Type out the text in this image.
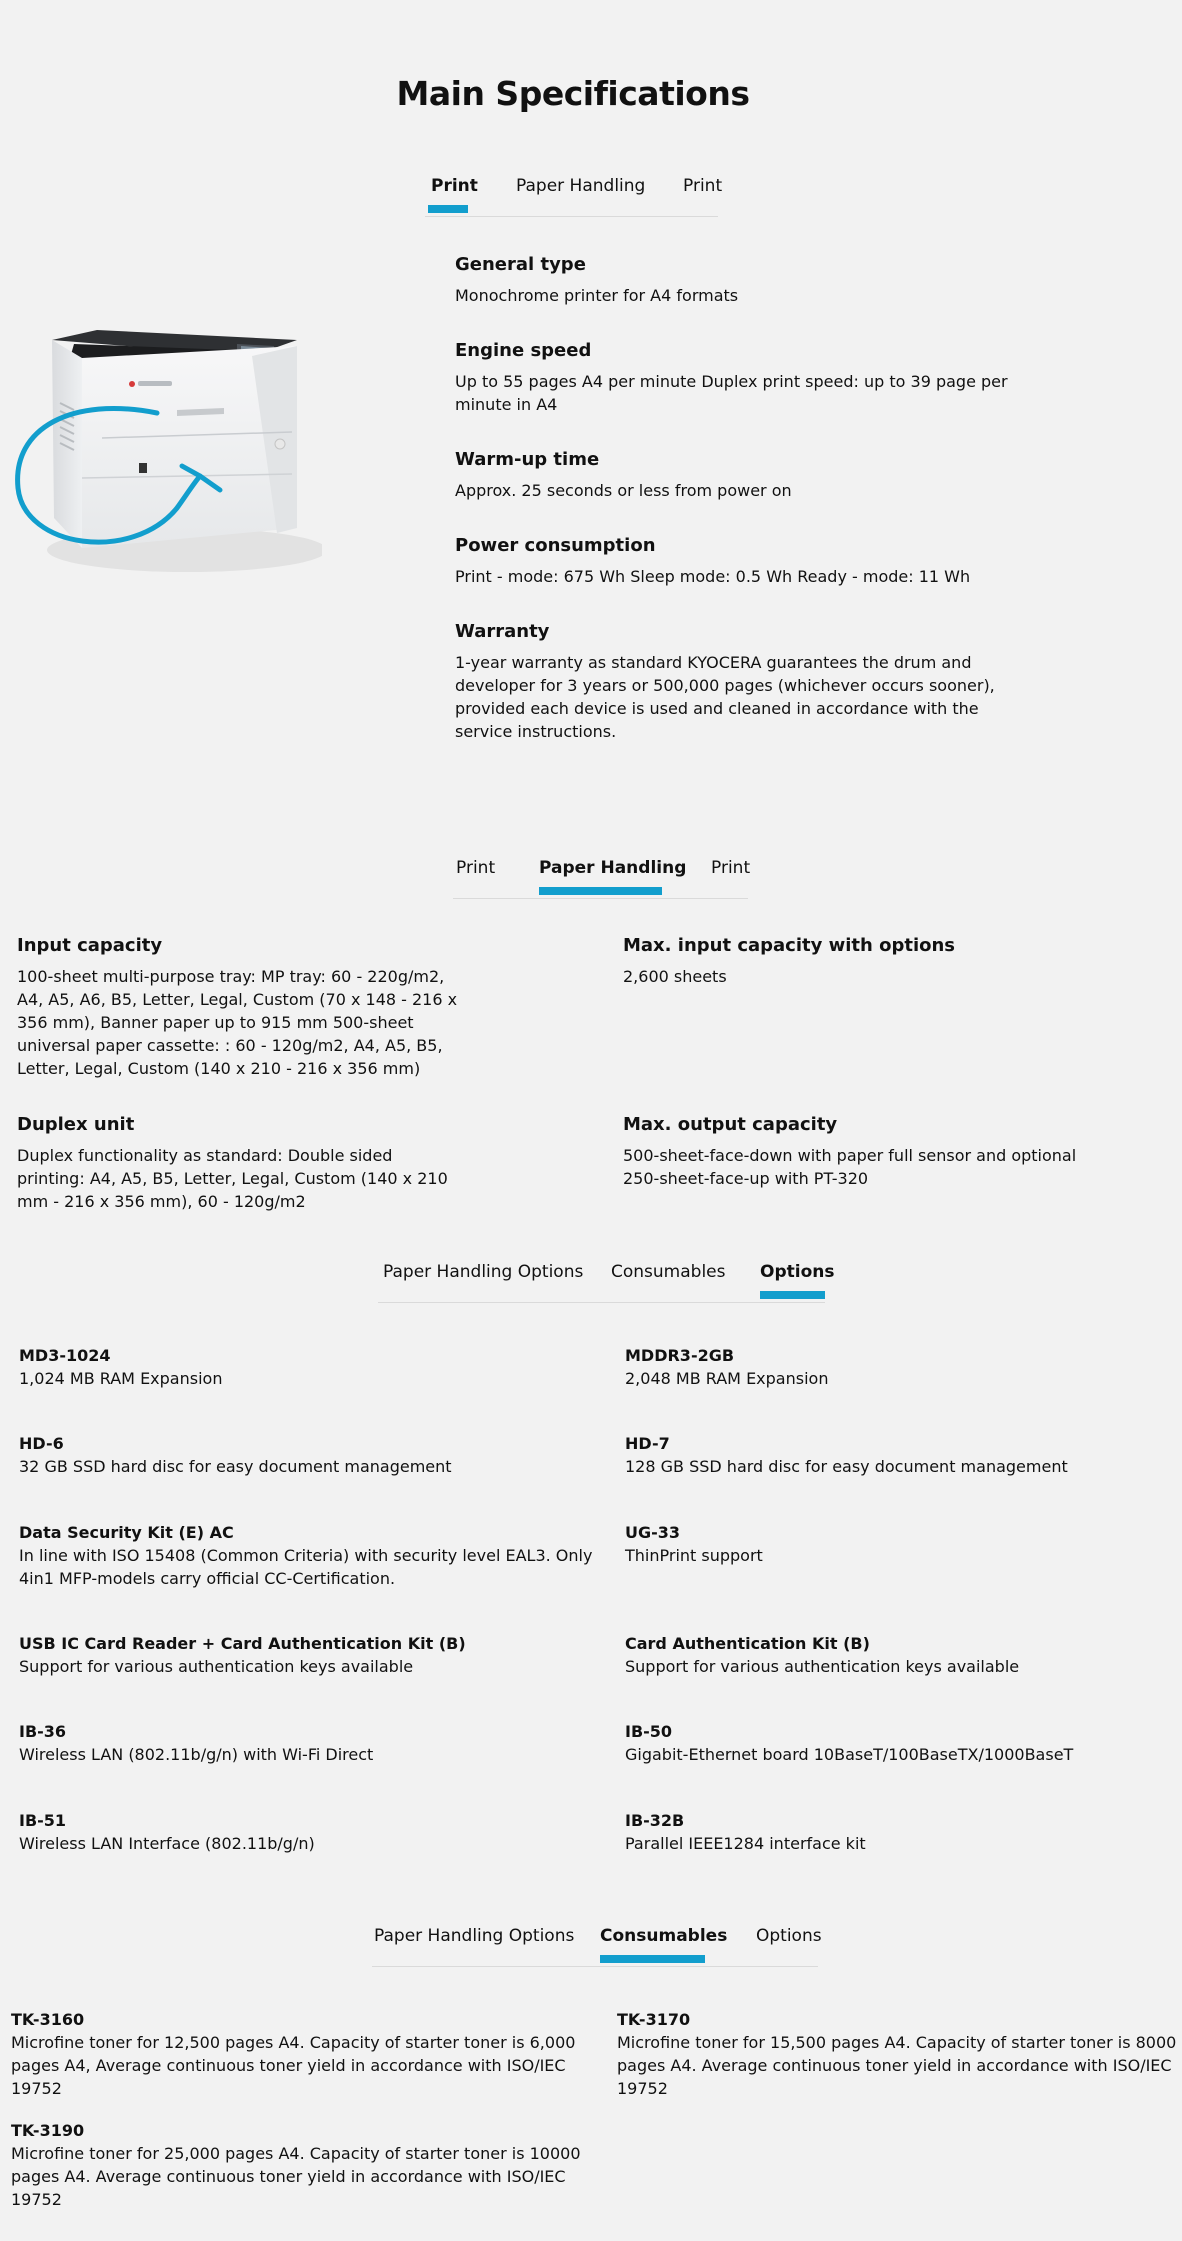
Main Specifications
Print Paper Handling Print

General type

Monochrome printer for A4 formats

Engine speed

Up to 55 pages A4 per minute Duplex print speed: up to 39 page per minute in A4

Warm-up time

Approx. 25 seconds or less from power on

Power consumption

Print - mode: 675 Wh Sleep mode: 0.5 Wh Ready - mode: 11 Wh

Warranty

1-year warranty as standard KYOCERA guarantees the drum and developer for 3 years or 500,000 pages (whichever occurs sooner), provided each device is used and cleaned in accordance with the service instructions.

Print	Paper Handling Print

Input capacity

100-sheet multi-purpose tray: MP tray: 60 - 220g/m2, A4, A5, A6, B5, Letter, Legal, Custom (70 x 148 - 216 x 356 mm), Banner paper up to 915 mm 500-sheet universal paper cassette: : 60 - 120g/m2, A4, A5, B5, Letter, Legal, Custom (140 x 210 - 216 x 356 mm)

Max. input capacity with options

2,600 sheets

Duplex unit

Duplex functionality as standard: Double sided printing: A4, A5, B5, Letter, Legal, Custom (140 x 210 mm - 216 x 356 mm), 60 - 120g/m2

Max. output capacity

500-sheet-face-down with paper full sensor and optional 250-sheet-face-up with PT-320

Paper Handling Options Consumables Options

MD3-1024

1,024 MB RAM Expansion

MDDR3-2GB

2,048 MB RAM Expansion

HD-6

32 GB SSD hard disc for easy document management

HD-7

128 GB SSD hard disc for easy document management

Data Security Kit (E) AC

In line with ISO 15408 (Common Criteria) with security level EAL3. Only 4in1 MFP-models carry official CC-Certification.

UG-33

ThinPrint support

USB IC Card Reader + Card Authentication Kit (B)

Support for various authentication keys available

Card Authentication Kit (B)

Support for various authentication keys available

IB-36

Wireless LAN (802.11b/g/n) with Wi-Fi Direct

IB-50

Gigabit-Ethernet board 10BaseT/100BaseTX/1000BaseT

IB-51

Wireless LAN Interface (802.11b/g/n)

IB-32B

Parallel IEEE1284 interface kit

Paper Handling Options Consumables Options

TK-3160

Microfine toner for 12,500 pages A4. Capacity of starter toner is 6,000 pages A4, Average continuous toner yield in accordance with ISO/IEC 19752

TK-3170

Microfine toner for 15,500 pages A4. Capacity of starter toner is 8000 pages A4. Average continuous toner yield in accordance with ISO/IEC 19752

TK-3190

Microfine toner for 25,000 pages A4. Capacity of starter toner is 10000 pages A4. Average continuous toner yield in accordance with ISO/IEC 19752
